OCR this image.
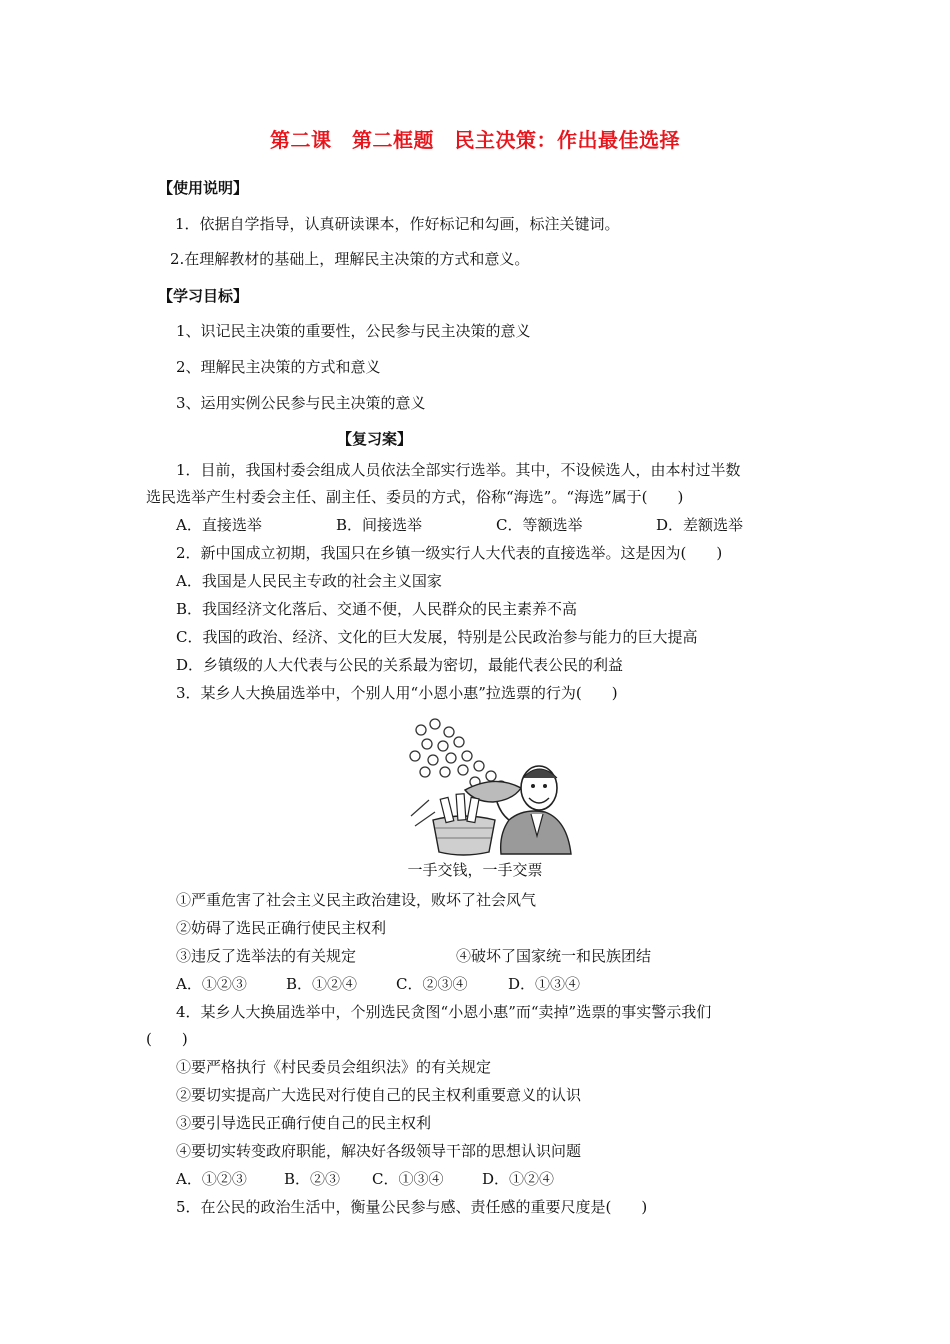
第二课　第二框题　民主决策：作出最佳选择
【使用说明】
1．依据自学指导，认真研读课本，作好标记和勾画，标注关键词。
2.在理解教材的基础上，理解民主决策的方式和意义。
【学习目标】
1、识记民主决策的重要性，公民参与民主决策的意义
2、理解民主决策的方式和意义
3、运用实例公民参与民主决策的意义
【复习案】
1．目前，我国村委会组成人员依法全部实行选举。其中，不设候选人，由本村过半数
选民选举产生村委会主任、副主任、委员的方式，俗称“海选”。“海选”属于(　　)
A．直接选举	B．间接选举	C．等额选举	D．差额选举
2．新中国成立初期，我国只在乡镇一级实行人大代表的直接选举。这是因为(　　)
A．我国是人民民主专政的社会主义国家
B．我国经济文化落后、交通不便，人民群众的民主素养不高
C．我国的政治、经济、文化的巨大发展，特别是公民政治参与能力的巨大提高
D．乡镇级的人大代表与公民的关系最为密切，最能代表公民的利益
3．某乡人大换届选举中，个别人用“小恩小惠”拉选票的行为(　　)
一手交钱，一手交票
①严重危害了社会主义民主政治建设，败坏了社会风气
②妨碍了选民正确行使民主权利
③违反了选举法的有关规定	④破坏了国家统一和民族团结
A．①②③	B．①②④	C．②③④	D．①③④
4．某乡人大换届选举中，个别选民贪图“小恩小惠”而“卖掉”选票的事实警示我们
(　　)
①要严格执行《村民委员会组织法》的有关规定
②要切实提高广大选民对行使自己的民主权利重要意义的认识
③要引导选民正确行使自己的民主权利
④要切实转变政府职能，解决好各级领导干部的思想认识问题
A．①②③ B．②③ C．①③④	D．①②④
5．在公民的政治生活中，衡量公民参与感、责任感的重要尺度是(　　)
